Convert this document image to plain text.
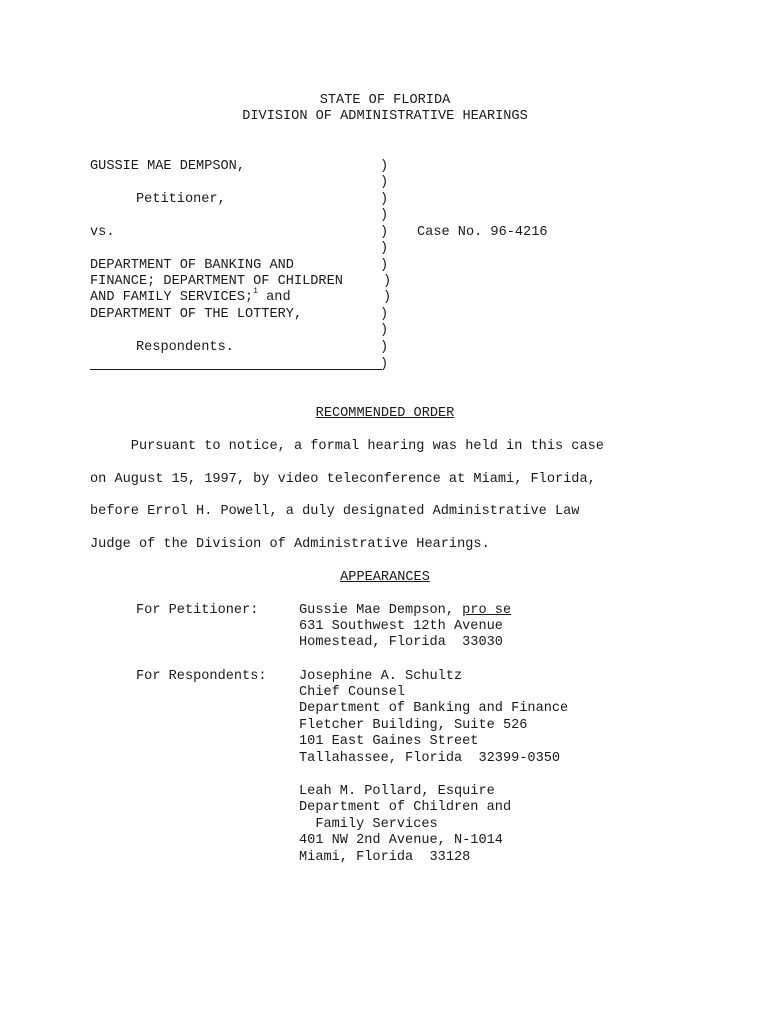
STATE OF FLORIDA
DIVISION OF ADMINISTRATIVE HEARINGS
GUSSIE MAE DEMPSON,
Petitioner,
vs.
DEPARTMENT OF BANKING AND
FINANCE; DEPARTMENT OF CHILDREN
AND FAMILY SERVICES;$^1$ and
DEPARTMENT OF THE LOTTERY,
Respondents.
)
)
)
)
)
)
)
)
)
)
)
)
)
Case No. 96-4216
RECOMMENDED ORDER
Pursuant to notice, a formal hearing was held in this case
on August 15, 1997, by video teleconference at Miami, Florida,
before Errol H. Powell, a duly designated Administrative Law
Judge of the Division of Administrative Hearings.
APPEARANCES
For Petitioner:	Gussie Mae Dempson, pro se
631 Southwest 12th Avenue
Homestead, Florida  33030
For Respondents: Josephine A. Schultz
Chief Counsel
Department of Banking and Finance
Fletcher Building, Suite 526
101 East Gaines Street
Tallahassee, Florida  32399-0350
Leah M. Pollard, Esquire
Department of Children and
Family Services
401 NW 2nd Avenue, N-1014
Miami, Florida  33128
